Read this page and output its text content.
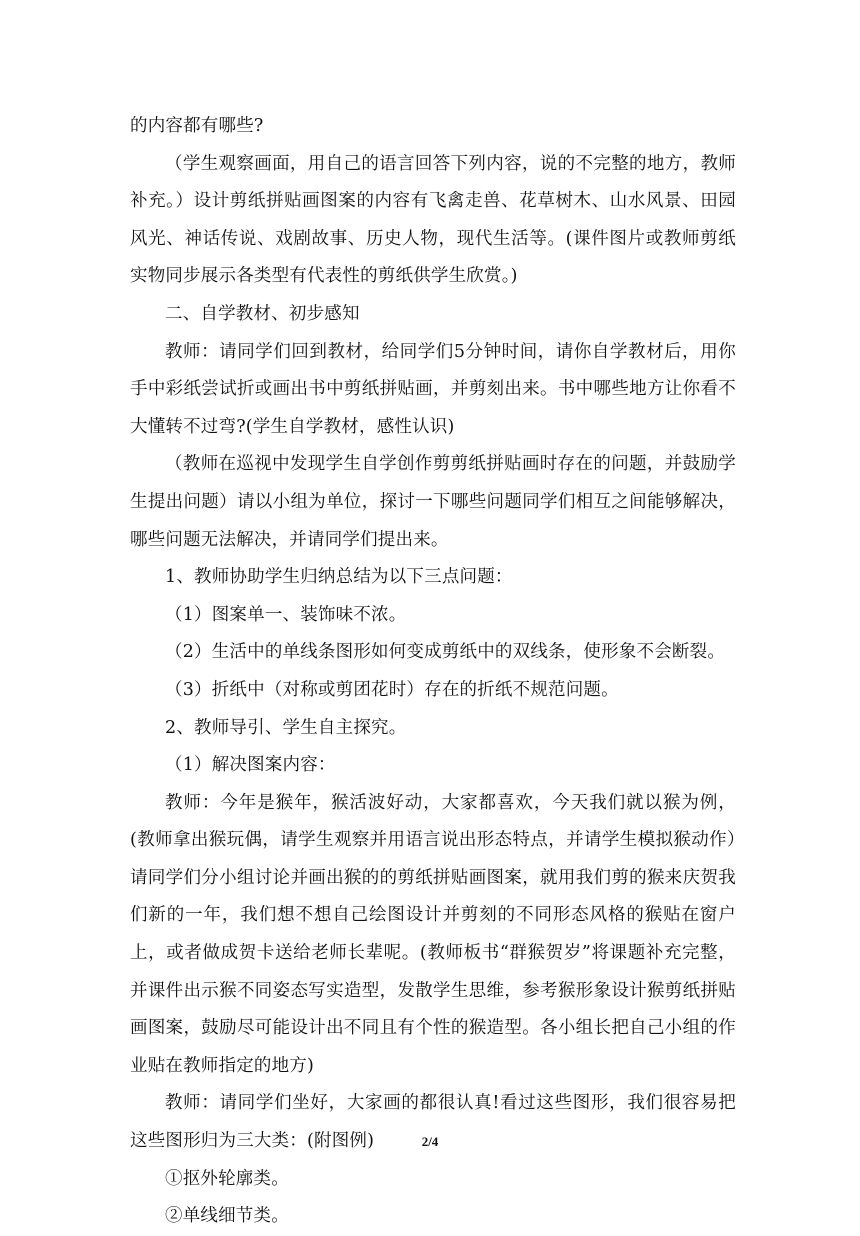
的内容都有哪些?

（学生观察画面，用自己的语言回答下列内容，说的不完整的地方，教师补充。）设计剪纸拼贴画图案的内容有飞禽走兽、花草树木、山水风景、田园风光、神话传说、戏剧故事、历史人物，现代生活等。(课件图片或教师剪纸实物同步展示各类型有代表性的剪纸供学生欣赏。)

二、自学教材、初步感知

教师：请同学们回到教材，给同学们5分钟时间，请你自学教材后，用你手中彩纸尝试折或画出书中剪纸拼贴画，并剪刻出来。书中哪些地方让你看不大懂转不过弯?(学生自学教材，感性认识)

（教师在巡视中发现学生自学创作剪剪纸拼贴画时存在的问题，并鼓励学生提出问题）请以小组为单位，探讨一下哪些问题同学们相互之间能够解决，哪些问题无法解决，并请同学们提出来。

1、教师协助学生归纳总结为以下三点问题：

（1）图案单一、装饰味不浓。

（2）生活中的单线条图形如何变成剪纸中的双线条，使形象不会断裂。

（3）折纸中（对称或剪团花时）存在的折纸不规范问题。

2、教师导引、学生自主探究。

（1）解决图案内容：

教师：今年是猴年，猴活波好动，大家都喜欢，今天我们就以猴为例，(教师拿出猴玩偶，请学生观察并用语言说出形态特点，并请学生模拟猴动作）请同学们分小组讨论并画出猴的的剪纸拼贴画图案，就用我们剪的猴来庆贺我们新的一年，我们想不想自己绘图设计并剪刻的不同形态风格的猴贴在窗户上，或者做成贺卡送给老师长辈呢。(教师板书“群猴贺岁”将课题补充完整，并课件出示猴不同姿态写实造型，发散学生思维，参考猴形象设计猴剪纸拼贴画图案，鼓励尽可能设计出不同且有个性的猴造型。各小组长把自己小组的作业贴在教师指定的地方)

教师：请同学们坐好，大家画的都很认真!看过这些图形，我们很容易把这些图形归为三大类：(附图例)

①抠外轮廓类。

②单线细节类。

2/4
